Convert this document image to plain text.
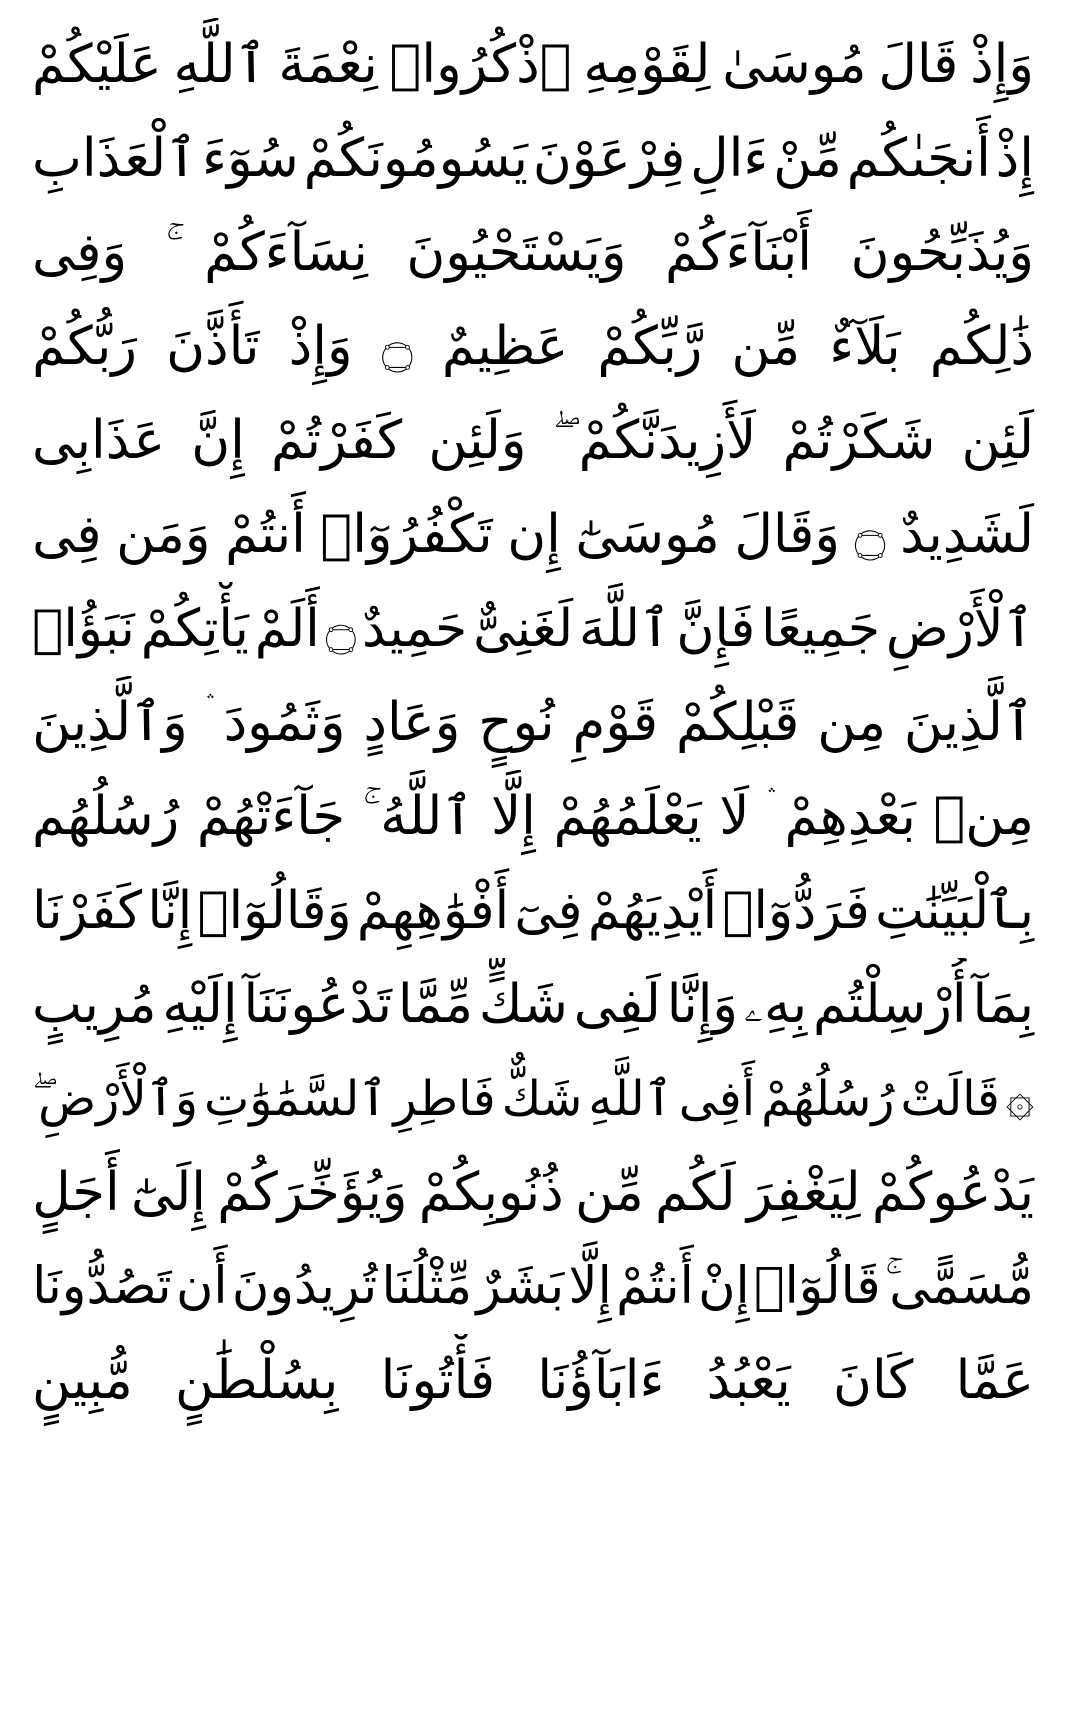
وَإِذْ
قَالَ
مُوسَىٰ
لِقَوْمِهِ
ٱذْكُرُوا۟
نِعْمَةَ
ٱللَّهِ
عَلَيْكُمْ
إِذْ
أَنجَىٰكُم
مِّنْ
ءَالِ
فِرْعَوْنَ
يَسُومُونَكُمْ
سُوٓءَ
ٱلْعَذَابِ
وَيُذَبِّحُونَ
أَبْنَآءَكُمْ
وَيَسْتَحْيُونَ
نِسَآءَكُمْ
وَفِى
ذَٰلِكُم
بَلَآءٌ
مِّن
رَّبِّكُمْ
عَظِيمٌ
۝
وَإِذْ
تَأَذَّنَ
رَبُّكُمْ
لَئِن
شَكَرْتُمْ
لَأَزِيدَنَّكُمْ
وَلَئِن
كَفَرْتُمْ
إِنَّ
عَذَابِى
لَشَدِيدٌ
۝
وَقَالَ
مُوسَىٰٓ
إِن
تَكْفُرُوٓا۟
أَنتُمْ
وَمَن
فِى
ٱلْأَرْضِ
جَمِيعًا
فَإِنَّ
ٱللَّهَ
لَغَنِىٌّ
حَمِيدٌ
۝
أَلَمْ
يَأْتِكُمْ
نَبَؤُا۟
ٱلَّذِينَ
مِن
قَبْلِكُمْ
قَوْمِ
نُوحٍ
وَعَادٍ
وَثَمُودَ
وَٱلَّذِينَ
مِنۢ
بَعْدِهِمْ
لَا
يَعْلَمُهُمْ
إِلَّا
ٱللَّهُ
جَآءَتْهُمْ
رُسُلُهُم
بِٱلْبَيِّنَٰتِ
فَرَدُّوٓا۟
أَيْدِيَهُمْ
فِىٓ
أَفْوَٰهِهِمْ
وَقَالُوٓا۟
إِنَّا
كَفَرْنَا
بِمَآ
أُرْسِلْتُم
بِهِۦ
وَإِنَّا
لَفِى
شَكٍّ
مِّمَّا
تَدْعُونَنَآ
إِلَيْهِ
مُرِيبٍ
۞
قَالَتْ
رُسُلُهُمْ
أَفِى
ٱللَّهِ
شَكٌّ
فَاطِرِ
ٱلسَّمَٰوَٰتِ
وَٱلْأَرْضِ
يَدْعُوكُمْ
لِيَغْفِرَ
لَكُم
مِّن
ذُنُوبِكُمْ
وَيُؤَخِّرَكُمْ
إِلَىٰٓ
أَجَلٍ
مُّسَمًّى
قَالُوٓا۟
إِنْ
أَنتُمْ
إِلَّا
بَشَرٌ
مِّثْلُنَا
تُرِيدُونَ
أَن
تَصُدُّونَا
عَمَّا
كَانَ
يَعْبُدُ
ءَابَآؤُنَا
فَأْتُونَا
بِسُلْطَٰنٍ
مُّبِينٍ
